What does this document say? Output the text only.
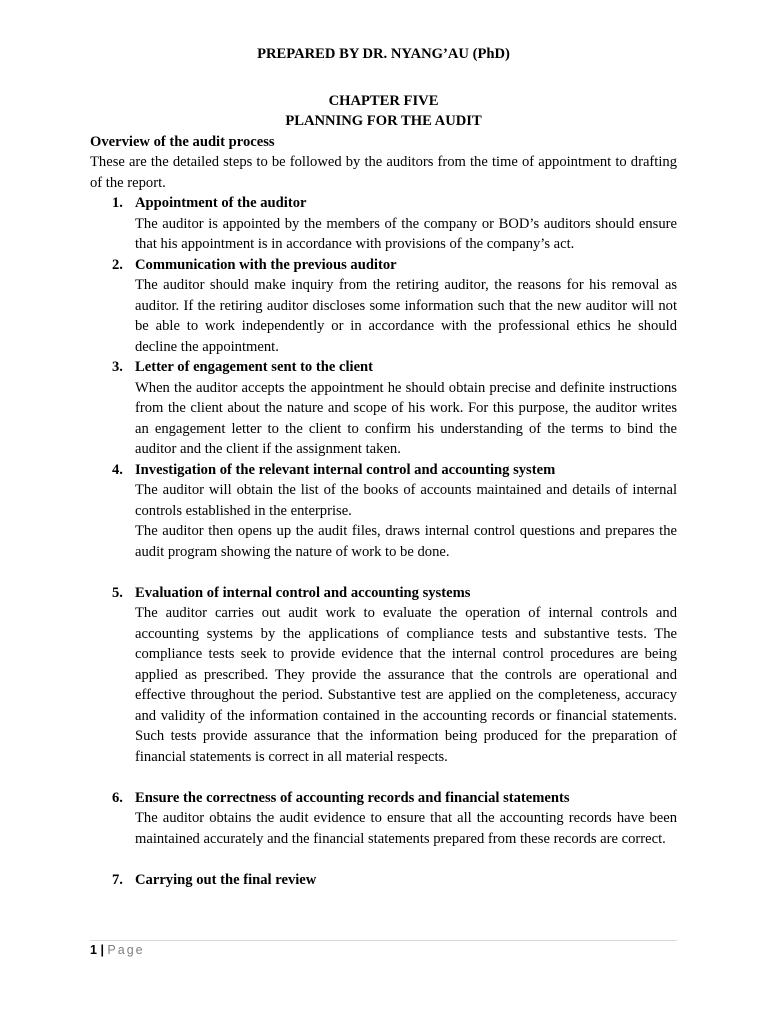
PREPARED BY DR. NYANG’AU (PhD)
CHAPTER FIVE
PLANNING FOR THE AUDIT
Overview of the audit process
These are the detailed steps to be followed by the auditors from the time of appointment to drafting of the report.
1. Appointment of the auditor

The auditor is appointed by the members of the company or BOD’s auditors should ensure that his appointment is in accordance with provisions of the company’s act.

2. Communication with the previous auditor

The auditor should make inquiry from the retiring auditor, the reasons for his removal as auditor. If the retiring auditor discloses some information such that the new auditor will not be able to work independently or in accordance with the professional ethics he should decline the appointment.

3. Letter of engagement sent to the client

When the auditor accepts the appointment he should obtain precise and definite instructions from the client about the nature and scope of his work. For this purpose, the auditor writes an engagement letter to the client to confirm his understanding of the terms to bind the auditor and the client if the assignment taken.

4. Investigation of the relevant internal control and accounting system

The auditor will obtain the list of the books of accounts maintained and details of internal controls established in the enterprise.

The auditor then opens up the audit files, draws internal control questions and prepares the audit program showing the nature of work to be done.

5. Evaluation of internal control and accounting systems

The auditor carries out audit work to evaluate the operation of internal controls and accounting systems by the applications of compliance tests and substantive tests. The compliance tests seek to provide evidence that the internal control procedures are being applied as prescribed. They provide the assurance that the controls are operational and effective throughout the period. Substantive test are applied on the completeness, accuracy and validity of the information contained in the accounting records or financial statements. Such tests provide assurance that the information being produced for the preparation of financial statements is correct in all material respects.

6. Ensure the correctness of accounting records and financial statements

The auditor obtains the audit evidence to ensure that all the accounting records have been maintained accurately and the financial statements prepared from these records are correct.

7. Carrying out the final review
1 | Page
